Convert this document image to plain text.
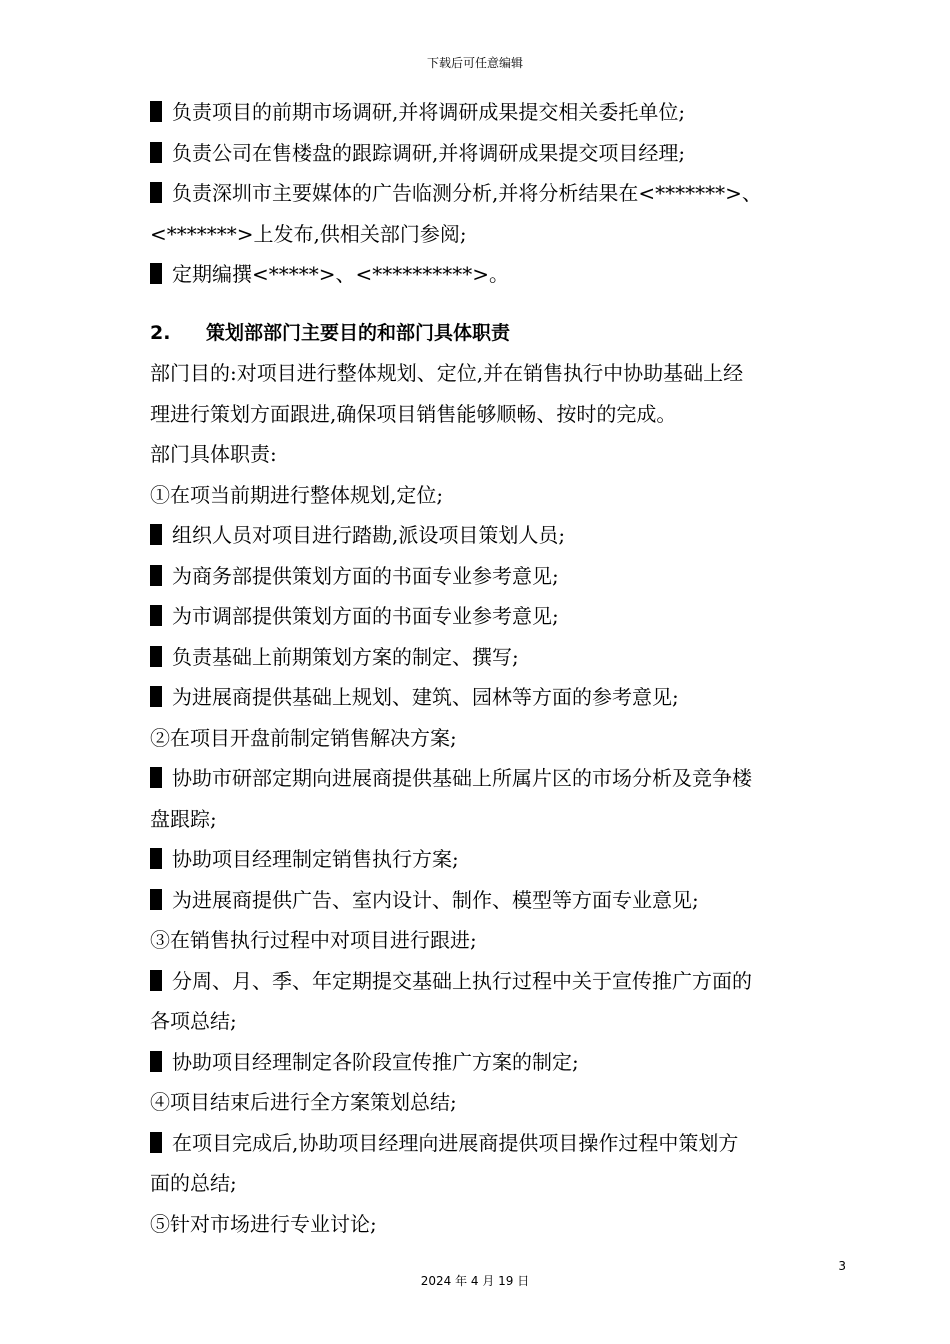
下载后可任意编辑

负责项目的前期市场调研,并将调研成果提交相关委托单位;

负责公司在售楼盘的跟踪调研,并将调研成果提交项目经理;

负责深圳市主要媒体的广告临测分析,并将分析结果在<*******>、

<*******>上发布,供相关部门参阅;

定期编撰<*****>、<**********>。

2. 策划部部门主要目的和部门具体职责

部门目的:对项目进行整体规划、定位,并在销售执行中协助基础上经

理进行策划方面跟进,确保项目销售能够顺畅、按时的完成。

部门具体职责:

①在项当前期进行整体规划,定位;

组织人员对项目进行踏勘,派设项目策划人员;

为商务部提供策划方面的书面专业参考意见;

为市调部提供策划方面的书面专业参考意见;

负责基础上前期策划方案的制定、撰写;

为进展商提供基础上规划、建筑、园林等方面的参考意见;

②在项目开盘前制定销售解决方案;

协助市研部定期向进展商提供基础上所属片区的市场分析及竞争楼

盘跟踪;

协助项目经理制定销售执行方案;

为进展商提供广告、室内设计、制作、模型等方面专业意见;

③在销售执行过程中对项目进行跟进;

分周、月、季、年定期提交基础上执行过程中关于宣传推广方面的

各项总结;

协助项目经理制定各阶段宣传推广方案的制定;

④项目结束后进行全方案策划总结;

在项目完成后,协助项目经理向进展商提供项目操作过程中策划方

面的总结;

⑤针对市场进行专业讨论;

3
2024 年 4 月 19 日
